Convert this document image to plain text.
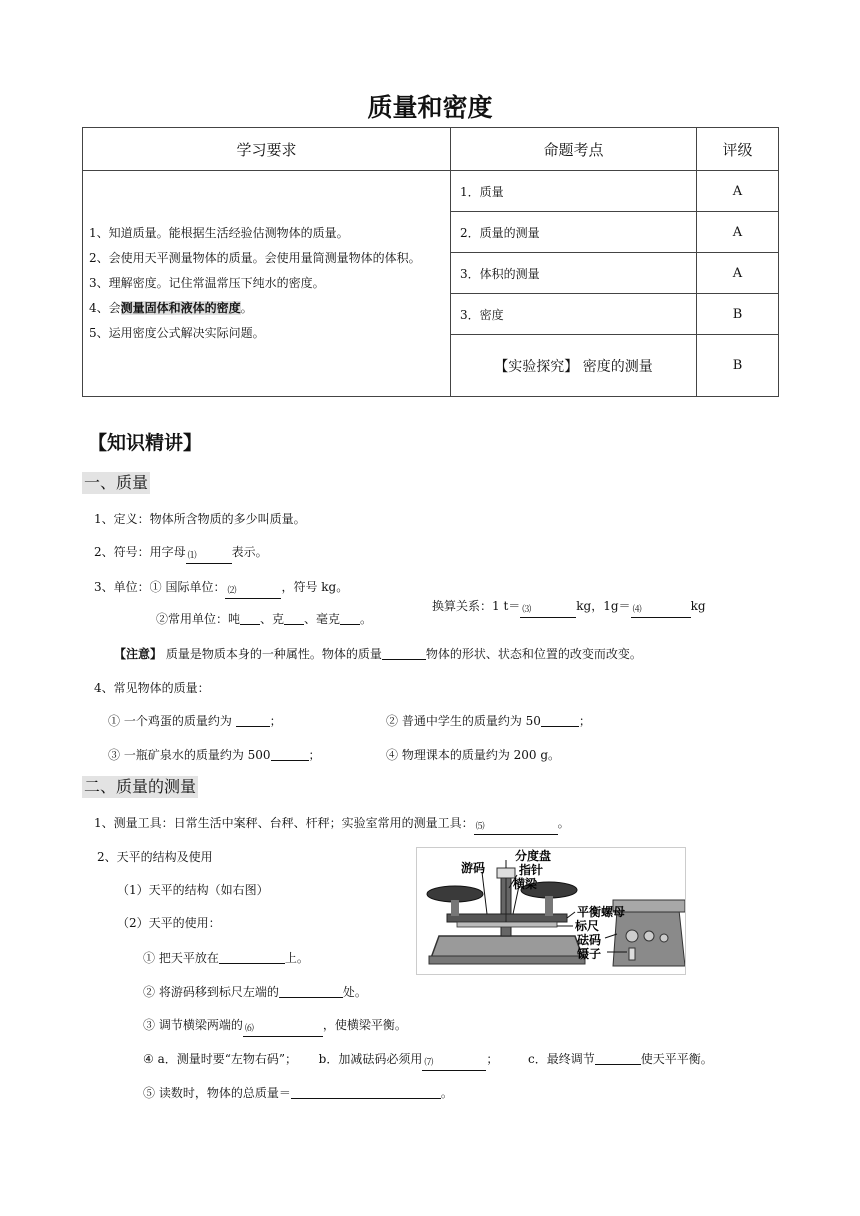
质量和密度
学习要求	命题考点	评级

1、知道质量。能根据生活经验估测物体的质量。
2、会使用天平测量物体的质量。会使用量筒测量物体的体积。
3、理解密度。记住常温常压下纯水的密度。
4、会测量固体和液体的密度。
5、运用密度公式解决实际问题。	1．质量	A
	2．质量的测量	A
	3．体积的测量	A
	3．密度	B
	【实验探究】 密度的测量	B
【知识精讲】
一、质量
1、定义：物体所含物质的多少叫质量。
2、符号：用字母 ⑴	表示。
3、单位：① 国际单位： ⑵	，符号 kg。
②常用单位：吨 、克 、毫克 。
换算关系：1 t＝ ⑶	kg，1g＝ ⑷	kg
【注意】 质量是物质本身的一种属性。物体的质量	物体的形状、状态和位置的改变而改变。
4、常见物体的质量：
① 一个鸡蛋的质量约为	；	② 普通中学生的质量约为 50	；
③ 一瓶矿泉水的质量约为 500	；	④ 物理课本的质量约为 200 g。
二、质量的测量
1、测量工具：日常生活中案秤、台秤、杆秤；实验室常用的测量工具： ⑸	。
2、天平的结构及使用
（1）天平的结构（如右图）
（2）天平的使用：
① 把天平放在	上。
② 将游码移到标尺左端的	处。
③ 调节横梁两端的 ⑹	，使横梁平衡。
④ a．测量时要“左物右码”； b．加减砝码必须用 ⑺	； c．最终调节	使天平平衡。
⑤ 读数时，物体的总质量＝	。
分度盘
游码	指针
横梁
平衡螺母
标尺
砝码
镊子
